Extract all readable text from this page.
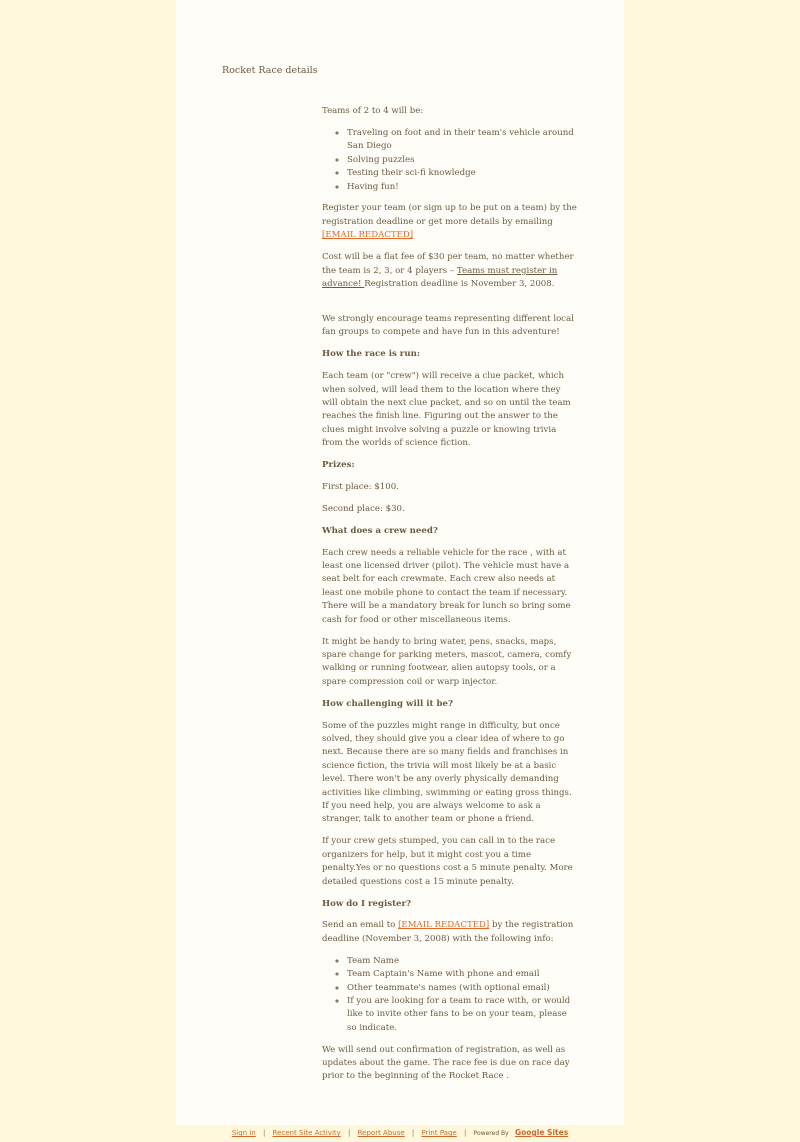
Rocket Race details

Teams of 2 to 4 will be:

◦ Traveling on foot and in their team's vehicle around San Diego
◦ Solving puzzles
◦ Testing their sci-fi knowledge
◦ Having fun!

Register your team (or sign up to be put on a team) by the registration deadline or get more details by emailing [EMAIL REDACTED]

Cost will be a flat fee of $30 per team, no matter whether the team is 2, 3, or 4 players – Teams must register in advance! Registration deadline is November 3, 2008.

We strongly encourage teams representing different local fan groups to compete and have fun in this adventure!

How the race is run:

Each team (or "crew") will receive a clue packet, which when solved, will lead them to the location where they will obtain the next clue packet, and so on until the team reaches the finish line. Figuring out the answer to the clues might involve solving a puzzle or knowing trivia from the worlds of science fiction.

Prizes:

First place: $100.

Second place: $30.

What does a crew need?

Each crew needs a reliable vehicle for the race , with at least one licensed driver (pilot). The vehicle must have a seat belt for each crewmate. Each crew also needs at least one mobile phone to contact the team if necessary. There will be a mandatory break for lunch so bring some cash for food or other miscellaneous items.

It might be handy to bring water, pens, snacks, maps, spare change for parking meters, mascot, camera, comfy walking or running footwear, alien autopsy tools, or a spare compression coil or warp injector.

How challenging will it be?

Some of the puzzles might range in difficulty, but once solved, they should give you a clear idea of where to go next. Because there are so many fields and franchises in science fiction, the trivia will most likely be at a basic level. There won't be any overly physically demanding activities like climbing, swimming or eating gross things. If you need help, you are always welcome to ask a stranger, talk to another team or phone a friend.

If your crew gets stumped, you can call in to the race organizers for help, but it might cost you a time penalty.Yes or no questions cost a 5 minute penalty. More detailed questions cost a 15 minute penalty.

How do I register?

Send an email to [EMAIL REDACTED] by the registration deadline (November 3, 2008) with the following info:

◦ Team Name
◦ Team Captain's Name with phone and email
◦ Other teammate's names (with optional email)
◦ If you are looking for a team to race with, or would like to invite other fans to be on your team, please so indicate.

We will send out confirmation of registration, as well as updates about the game. The race fee is due on race day prior to the beginning of the Rocket Race .

Sign in | Recent Site Activity | Report Abuse | Print Page | Powered By Google Sites
